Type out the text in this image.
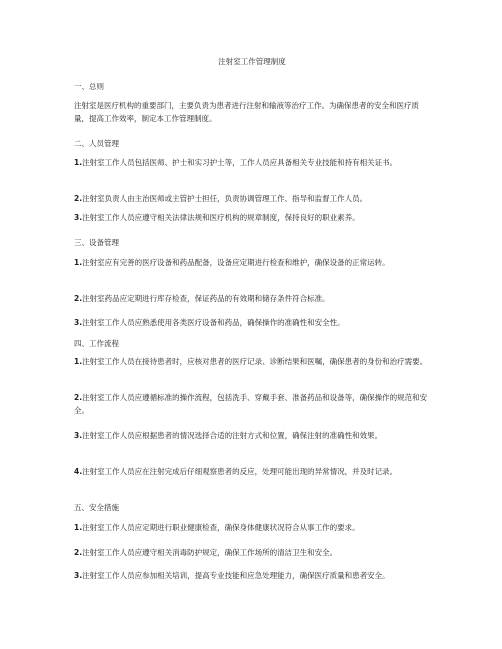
注射室工作管理制度
一、总则

注射室是医疗机构的重要部门，主要负责为患者进行注射和输液等治疗工作。为确保患者的安全和医疗质量，提高工作效率，制定本工作管理制度。

二、人员管理

1.注射室工作人员包括医师、护士和实习护士等，工作人员应具备相关专业技能和持有相关证书。

2.注射室负责人由主治医师或主管护士担任，负责协调管理工作、指导和监督工作人员。

3.注射室工作人员应遵守相关法律法规和医疗机构的规章制度，保持良好的职业素养。

三、设备管理

1.注射室应有完善的医疗设备和药品配备，设备应定期进行检查和维护，确保设备的正常运转。

2.注射室药品应定期进行库存检查，保证药品的有效期和储存条件符合标准。

3.注射室工作人员应熟悉使用各类医疗设备和药品，确保操作的准确性和安全性。

四、工作流程

1.注射室工作人员在接待患者时，应核对患者的医疗记录、诊断结果和医嘱，确保患者的身份和治疗需要。

2.注射室工作人员应遵循标准的操作流程，包括洗手、穿戴手套、准备药品和设备等，确保操作的规范和安全。

3.注射室工作人员应根据患者的情况选择合适的注射方式和位置，确保注射的准确性和效果。

4.注射室工作人员应在注射完成后仔细观察患者的反应，处理可能出现的异常情况，并及时记录。

五、安全措施

1.注射室工作人员应定期进行职业健康检查，确保身体健康状况符合从事工作的要求。

2.注射室工作人员应遵守相关消毒防护规定，确保工作场所的清洁卫生和安全。

3.注射室工作人员应参加相关培训，提高专业技能和应急处理能力，确保医疗质量和患者安全。
